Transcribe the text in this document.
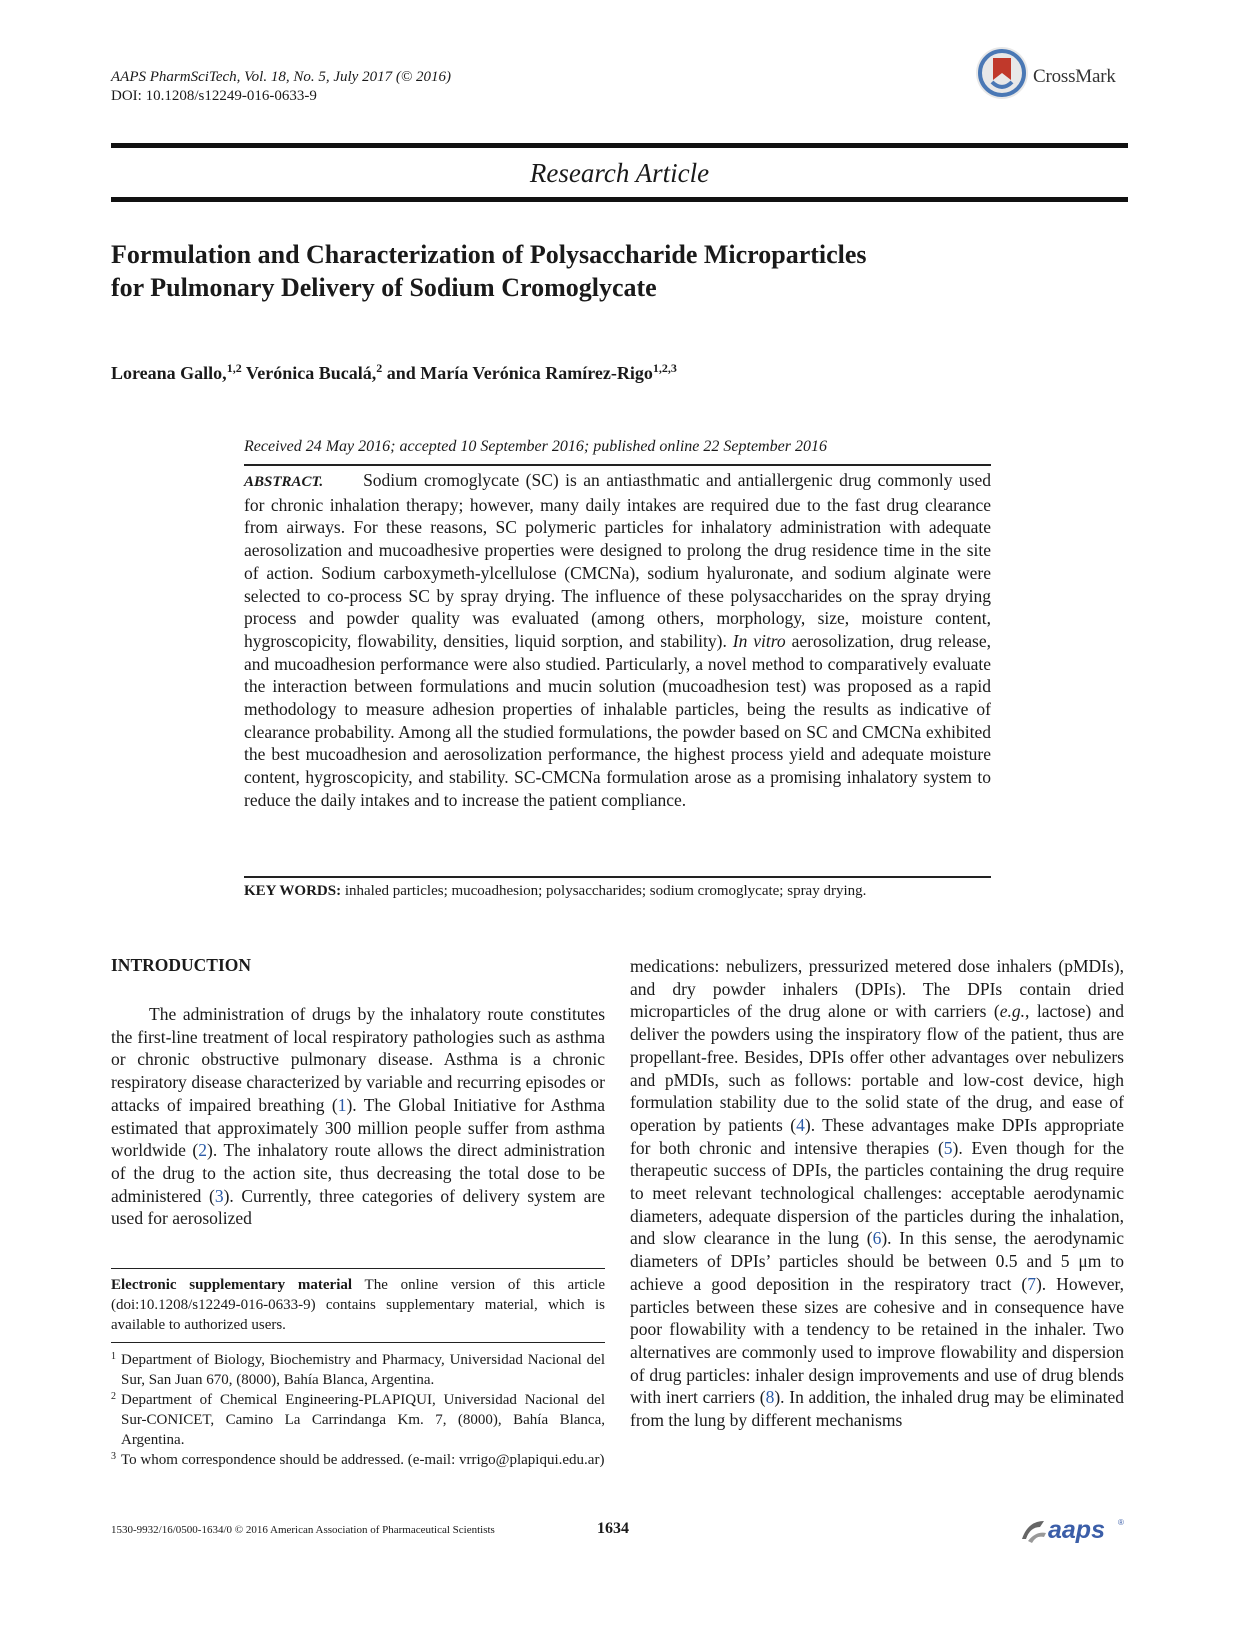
AAPS PharmSciTech, Vol. 18, No. 5, July 2017 (© 2016)
DOI: 10.1208/s12249-016-0633-9
CrossMark
Research Article
Formulation and Characterization of Polysaccharide Microparticles
for Pulmonary Delivery of Sodium Cromoglycate
Loreana Gallo,$^{1,2}$ Verónica Bucalá,$^2$ and María Verónica Ramírez-Rigo$^{1,2,3}$
Received 24 May 2016; accepted 10 September 2016; published online 22 September 2016
ABSTRACT. Sodium cromoglycate (SC) is an antiasthmatic and antiallergenic drug commonly used for chronic inhalation therapy; however, many daily intakes are required due to the fast drug clearance from airways. For these reasons, SC polymeric particles for inhalatory administration with adequate aerosolization and mucoadhesive properties were designed to prolong the drug residence time in the site of action. Sodium carboxymeth-ylcellulose (CMCNa), sodium hyaluronate, and sodium alginate were selected to co-process SC by spray drying. The influence of these polysaccharides on the spray drying process and powder quality was evaluated (among others, morphology, size, moisture content, hygroscopicity, flowability, densities, liquid sorption, and stability). In vitro aerosolization, drug release, and mucoadhesion performance were also studied. Particularly, a novel method to comparatively evaluate the interaction between formulations and mucin solution (mucoadhesion test) was proposed as a rapid methodology to measure adhesion properties of inhalable particles, being the results as indicative of clearance probability. Among all the studied formulations, the powder based on SC and CMCNa exhibited the best mucoadhesion and aerosolization performance, the highest process yield and adequate moisture content, hygroscopicity, and stability. SC-CMCNa formulation arose as a promising inhalatory system to reduce the daily intakes and to increase the patient compliance.
KEY WORDS: inhaled particles; mucoadhesion; polysaccharides; sodium cromoglycate; spray drying.
INTRODUCTION
The administration of drugs by the inhalatory route constitutes the first-line treatment of local respiratory pathologies such as asthma or chronic obstructive pulmonary disease. Asthma is a chronic respiratory disease characterized by variable and recurring episodes or attacks of impaired breathing (1). The Global Initiative for Asthma estimated that approximately 300 million people suffer from asthma worldwide (2). The inhalatory route allows the direct administration of the drug to the action site, thus decreasing the total dose to be administered (3). Currently, three categories of delivery system are used for aerosolized
medications: nebulizers, pressurized metered dose inhalers (pMDIs), and dry powder inhalers (DPIs). The DPIs contain dried microparticles of the drug alone or with carriers (e.g., lactose) and deliver the powders using the inspiratory flow of the patient, thus are propellant-free. Besides, DPIs offer other advantages over nebulizers and pMDIs, such as follows: portable and low-cost device, high formulation stability due to the solid state of the drug, and ease of operation by patients (4). These advantages make DPIs appropriate for both chronic and intensive therapies (5). Even though for the therapeutic success of DPIs, the particles containing the drug require to meet relevant technological challenges: acceptable aerodynamic diameters, adequate dispersion of the particles during the inhalation, and slow clearance in the lung (6). In this sense, the aerodynamic diameters of DPIs’ particles should be between 0.5 and 5 μm to achieve a good deposition in the respiratory tract (7). However, particles between these sizes are cohesive and in consequence have poor flowability with a tendency to be retained in the inhaler. Two alternatives are commonly used to improve flowability and dispersion of drug particles: inhaler design improvements and use of drug blends with inert carriers (8). In addition, the inhaled drug may be eliminated from the lung by different mechanisms
Electronic supplementary material The online version of this article (doi:10.1208/s12249-016-0633-9) contains supplementary material, which is available to authorized users.
1 Department of Biology, Biochemistry and Pharmacy, Universidad Nacional del Sur, San Juan 670, (8000), Bahía Blanca, Argentina.
2 Department of Chemical Engineering-PLAPIQUI, Universidad Nacional del Sur-CONICET, Camino La Carrindanga Km. 7, (8000), Bahía Blanca, Argentina.
3 To whom correspondence should be addressed. (e-mail: vrrigo@plapiqui.edu.ar)
1530-9932/16/0500-1634/0 © 2016 American Association of Pharmaceutical Scientists	1634	aaps ®
